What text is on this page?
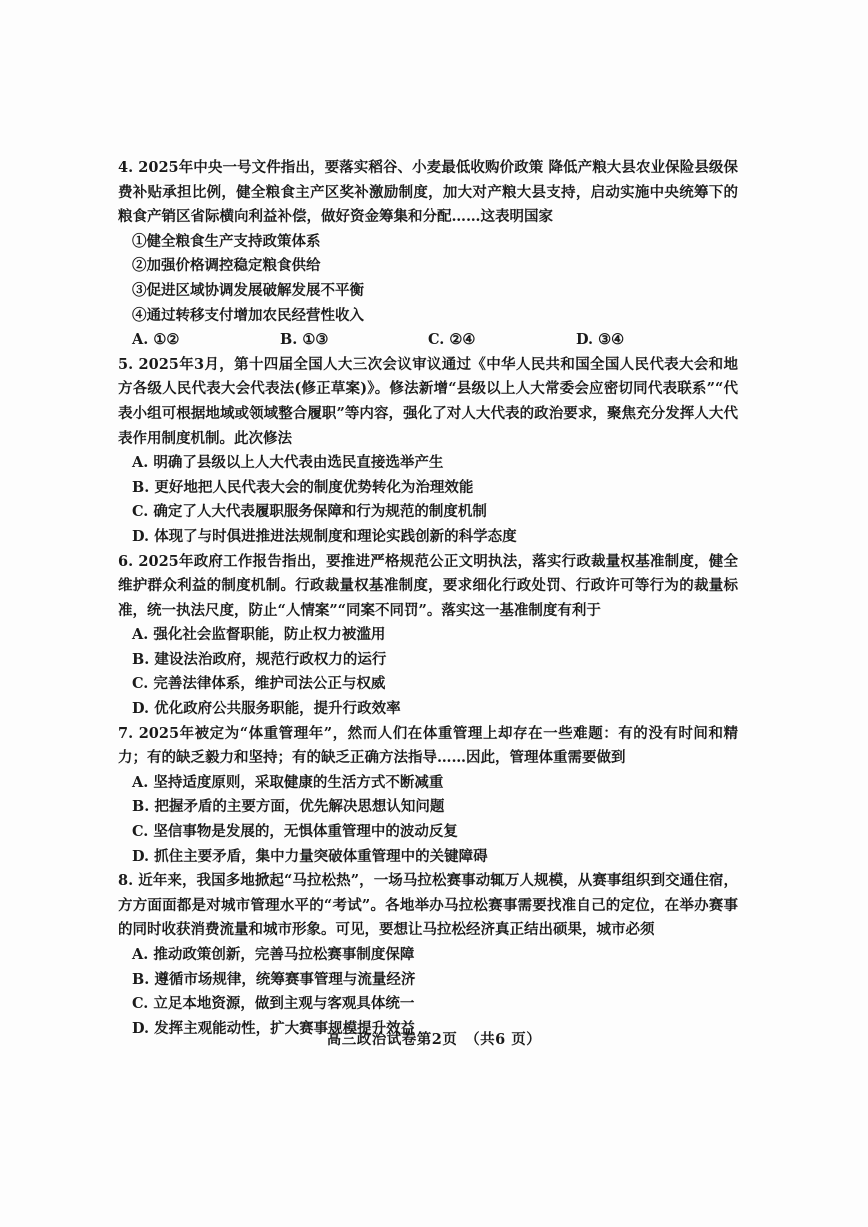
4. 2025年中央一号文件指出，要落实稻谷、小麦最低收购价政策 降低产粮大县农业保险县级保费补贴承担比例，健全粮食主产区奖补激励制度，加大对产粮大县支持，启动实施中央统筹下的粮食产销区省际横向利益补偿，做好资金筹集和分配……这表明国家

①健全粮食生产支持政策体系

②加强价格调控稳定粮食供给

③促进区域协调发展破解发展不平衡

④通过转移支付增加农民经营性收入

A. ①②	B. ①③	C. ②④	D. ③④

5. 2025年3月，第十四届全国人大三次会议审议通过《中华人民共和国全国人民代表大会和地方各级人民代表大会代表法(修正草案)》。修法新增“县级以上人大常委会应密切同代表联系”“代表小组可根据地域或领域整合履职”等内容，强化了对人大代表的政治要求，聚焦充分发挥人大代表作用制度机制。此次修法

A. 明确了县级以上人大代表由选民直接选举产生

B. 更好地把人民代表大会的制度优势转化为治理效能

C. 确定了人大代表履职服务保障和行为规范的制度机制

D. 体现了与时俱进推进法规制度和理论实践创新的科学态度

6. 2025年政府工作报告指出，要推进严格规范公正文明执法，落实行政裁量权基准制度，健全维护群众利益的制度机制。行政裁量权基准制度，要求细化行政处罚、行政许可等行为的裁量标准，统一执法尺度，防止“人情案”“同案不同罚”。落实这一基准制度有利于

A. 强化社会监督职能，防止权力被滥用

B. 建设法治政府，规范行政权力的运行

C. 完善法律体系，维护司法公正与权威

D. 优化政府公共服务职能，提升行政效率

7. 2025年被定为“体重管理年”，然而人们在体重管理上却存在一些难题：有的没有时间和精力；有的缺乏毅力和坚持；有的缺乏正确方法指导……因此，管理体重需要做到

A. 坚持适度原则，采取健康的生活方式不断减重

B. 把握矛盾的主要方面，优先解决思想认知问题

C. 坚信事物是发展的，无惧体重管理中的波动反复

D. 抓住主要矛盾，集中力量突破体重管理中的关键障碍

8. 近年来，我国多地掀起“马拉松热”，一场马拉松赛事动辄万人规模，从赛事组织到交通住宿，方方面面都是对城市管理水平的“考试”。各地举办马拉松赛事需要找准自己的定位，在举办赛事的同时收获消费流量和城市形象。可见，要想让马拉松经济真正结出硕果，城市必须

A. 推动政策创新，完善马拉松赛事制度保障

B. 遵循市场规律，统筹赛事管理与流量经济

C. 立足本地资源，做到主观与客观具体统一

D. 发挥主观能动性，扩大赛事规模提升效益

高三政治试卷第2页　（共6 页）
